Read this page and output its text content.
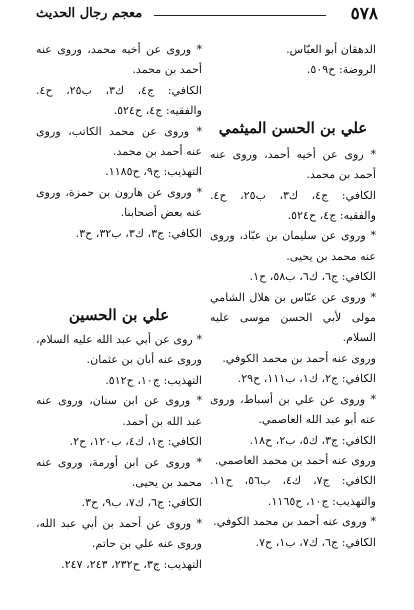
٥٧٨
معجم رجال الحديث

الدهقان أبو العبّاس.

الروضة: ح٥٠٩.

علي بن الحسن الميثمي

* روى عن أخيه أحمد، وروى عنه أحمد بن محمد.

الكافي: ج٤، ك٣، ب٢٥، ح٤. والفقيه: ج٤، ح٥٢٤.

* وروى عن سليمان بن عبّاد، وروى عنه محمد بن يحيى.

الكافي: ج٦، ك٦، ب٥٨، ح١.

* وروى عن عبّاس بن هلال الشامي مولى لأبي الحسن موسى عليه السلام.

وروى عنه أحمد بن محمد الكوفي.

الكافي: ج٢، ك١، ب١١١، ح٢٩.

* وروى عن علي بن أسباط، وروى عنه أبو عبد الله العاصمي.

الكافي: ج٣، ك٥، ب٢، ح١٨.

وروى عنه أحمد بن محمد العاصمي.

الكافي: ج٧، ك٤، ب٥٦، ح١١. والتهذيب: ج١٠، ح١١٦٥.

* وروى عنه أحمد بن محمد الكوفي.

الكافي: ج٦، ك٧، ب١، ح٧.

* وروى عن أخيه محمد، وروى عنه أحمد بن محمد.

الكافي: ج٤، ك٣، ب٢٥، ح٤. والفقيه: ج٤، ح٥٢٤.

* وروى عن محمد الكاتب، وروى عنه أحمد بن محمد.

التهذيب: ج٩، ح١١٨٥.

* وروى عن هارون بن حمزة، وروى عنه بعض أصحابنا.

الكافي: ج٣، ك٣، ب٣٢، ح٣.

علي بن الحسين

* روى عن أبي عبد الله عليه السلام، وروى عنه أبان بن عثمان.

التهذيب: ج١٠، ح٥١٢.

* وروى عن ابن سنان، وروى عنه عبد الله بن أحمد.

الكافي: ج١، ك٤، ب١٢٠، ح٢.

* وروى عن ابن أورمة، وروى عنه محمد بن يحيى.

الكافي: ج٦، ك٧، ب٩، ح٣.

* وروى عن أحمد بن أبي عبد الله، وروى عنه علي بن حاتم.

التهذيب: ج٣، ح٢٣٢، ٢٤٣، ٢٤٧.
